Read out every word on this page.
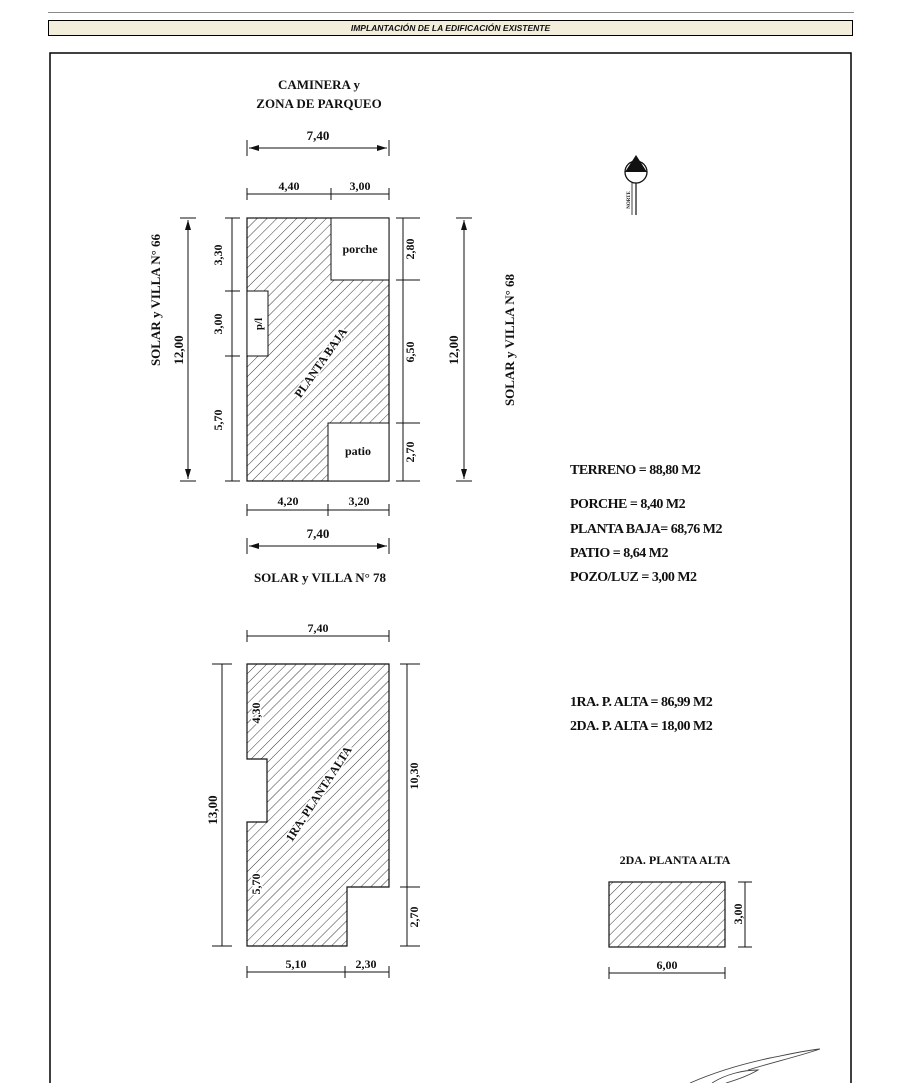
IMPLANTACIÓN DE LA EDIFICACIÓN EXISTENTE
CAMINERA y
ZONA DE PARQUEO
7,40
4,40	3,00
porche
patio
p/l
PLANTA BAJA
3,30
3,00
5,70
12,00
SOLAR y VILLA N° 66	2,80
6,50
2,70
12,00	SOLAR y VILLA N° 68
4,20	3,20
7,40
SOLAR y VILLA N° 78
NORTE
TERRENO = 88,80 M2
PORCHE = 8,40 M2
PLANTA BAJA= 68,76 M2
PATIO = 8,64 M2
POZO/LUZ = 3,00 M2
7,40
1RA. PLANTA ALTA
4,30
5,70
13,00
10,30
2,70
5,10	2,30
1RA. P. ALTA = 86,99 M2
2DA. P. ALTA = 18,00 M2
2DA. PLANTA ALTA
3,00
6,00
